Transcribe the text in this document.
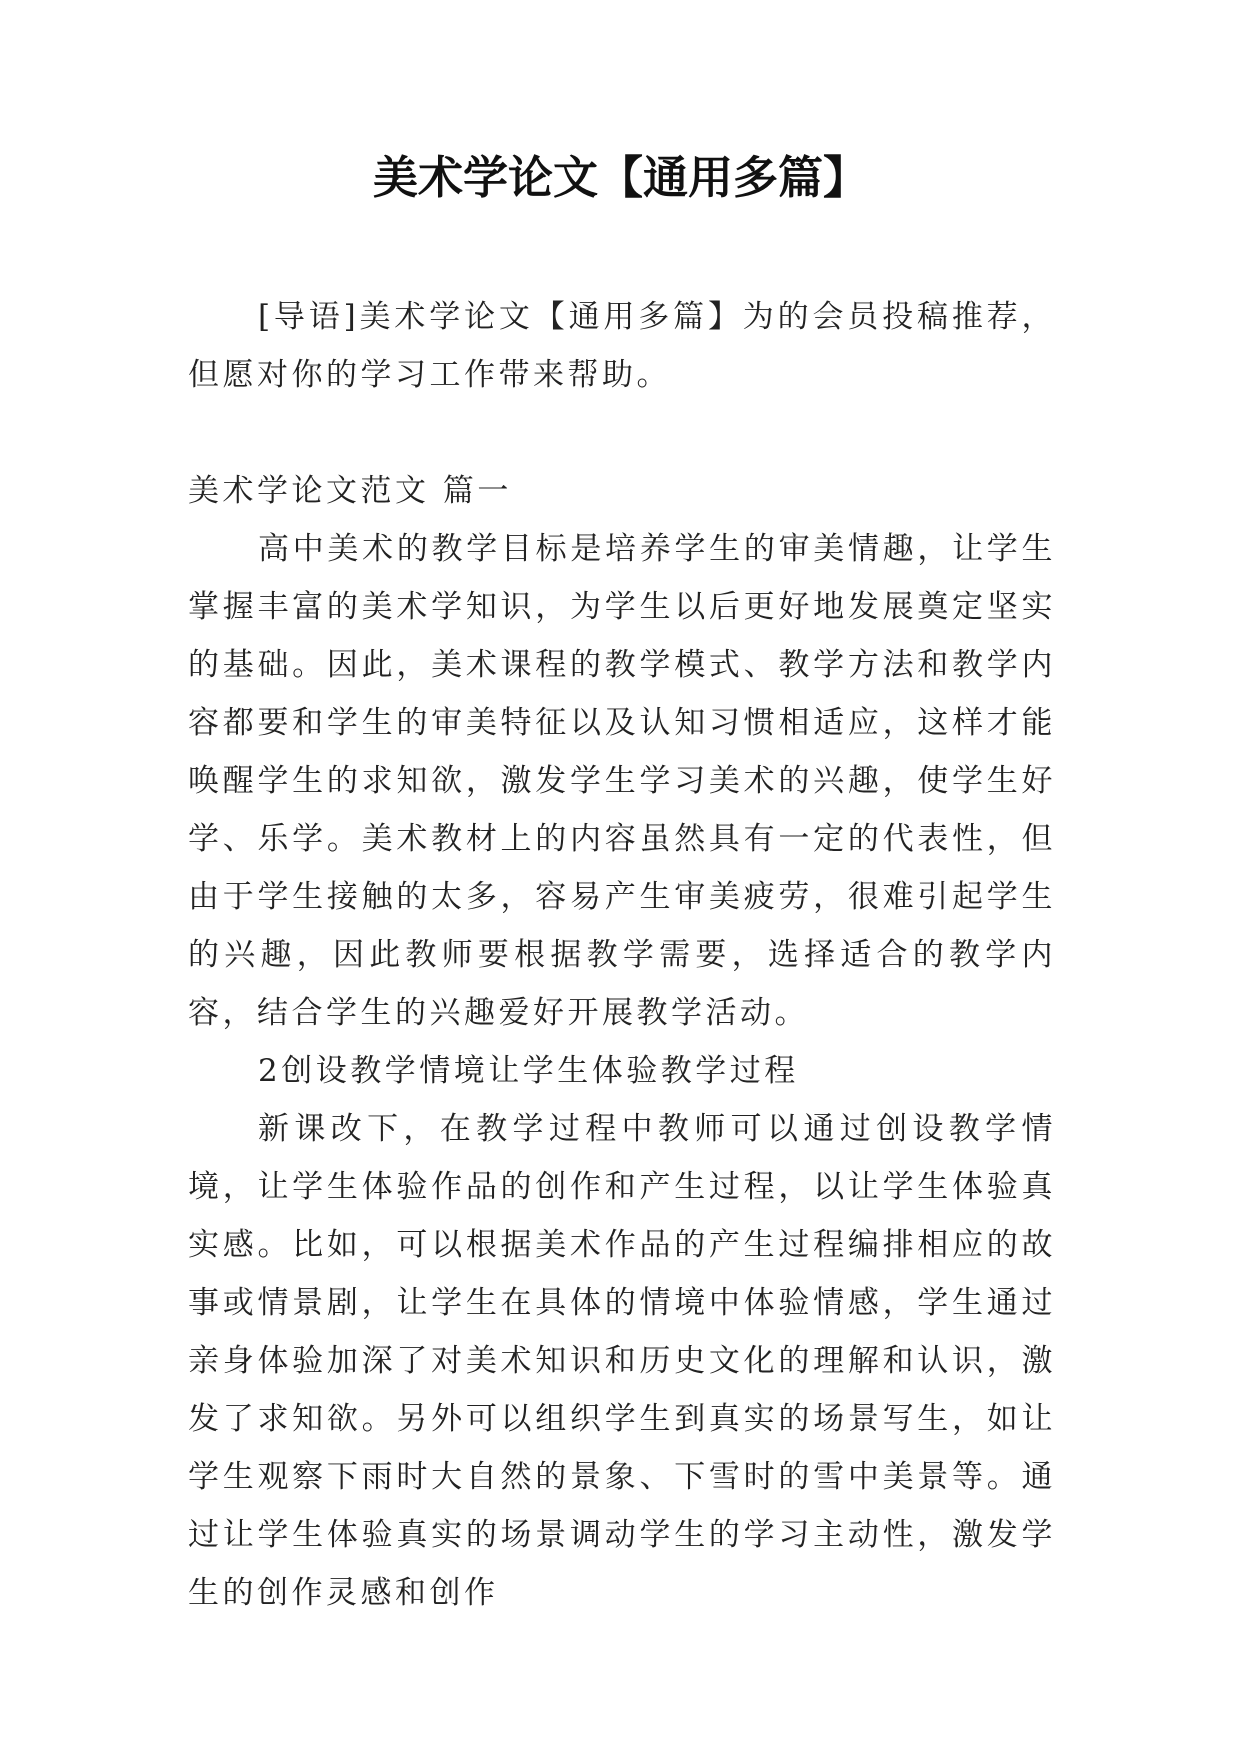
美术学论文【通用多篇】

[导语]美术学论文【通用多篇】为的会员投稿推荐，但愿对你的学习工作带来帮助。

美术学论文范文 篇一

高中美术的教学目标是培养学生的审美情趣，让学生掌握丰富的美术学知识，为学生以后更好地发展奠定坚实的基础。因此，美术课程的教学模式、教学方法和教学内容都要和学生的审美特征以及认知习惯相适应，这样才能唤醒学生的求知欲，激发学生学习美术的兴趣，使学生好学、乐学。美术教材上的内容虽然具有一定的代表性，但由于学生接触的太多，容易产生审美疲劳，很难引起学生的兴趣，因此教师要根据教学需要，选择适合的教学内容，结合学生的兴趣爱好开展教学活动。

2创设教学情境让学生体验教学过程

新课改下，在教学过程中教师可以通过创设教学情境，让学生体验作品的创作和产生过程，以让学生体验真实感。比如，可以根据美术作品的产生过程编排相应的故事或情景剧，让学生在具体的情境中体验情感，学生通过亲身体验加深了对美术知识和历史文化的理解和认识，激发了求知欲。另外可以组织学生到真实的场景写生，如让学生观察下雨时大自然的景象、下雪时的雪中美景等。通过让学生体验真实的场景调动学生的学习主动性，激发学生的创作灵感和创作
